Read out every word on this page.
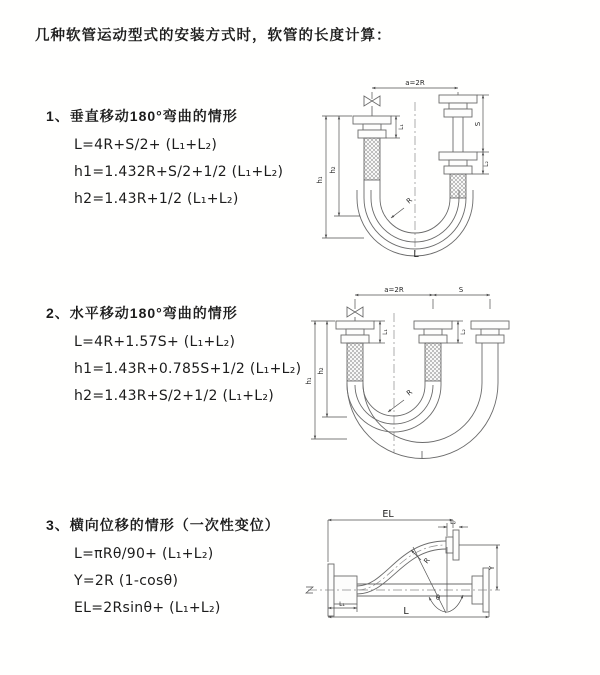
几种软管运动型式的安装方式时，软管的长度计算：
1、垂直移动180°弯曲的情形
L=4R+S/2+ (L₁+L₂)
h1=1.432R+S/2+1/2 (L₁+L₂)
h2=1.43R+1/2 (L₁+L₂)
2、水平移动180°弯曲的情形
L=4R+1.57S+ (L₁+L₂)
h1=1.43R+0.785S+1/2 (L₁+L₂)
h2=1.43R+S/2+1/2 (L₁+L₂)
3、横向位移的情形（一次性变位）
L=πRθ/90+ (L₁+L₂)
Y=2R (1-cosθ)
EL=2Rsinθ+ (L₁+L₂)
a=2R
R
h₁
h₂
L₁
S
L₂
L
a=2R	S
R
h₁
h₂
L₁	L₂
EL
L₂
Y
R
θ
L₁
L
